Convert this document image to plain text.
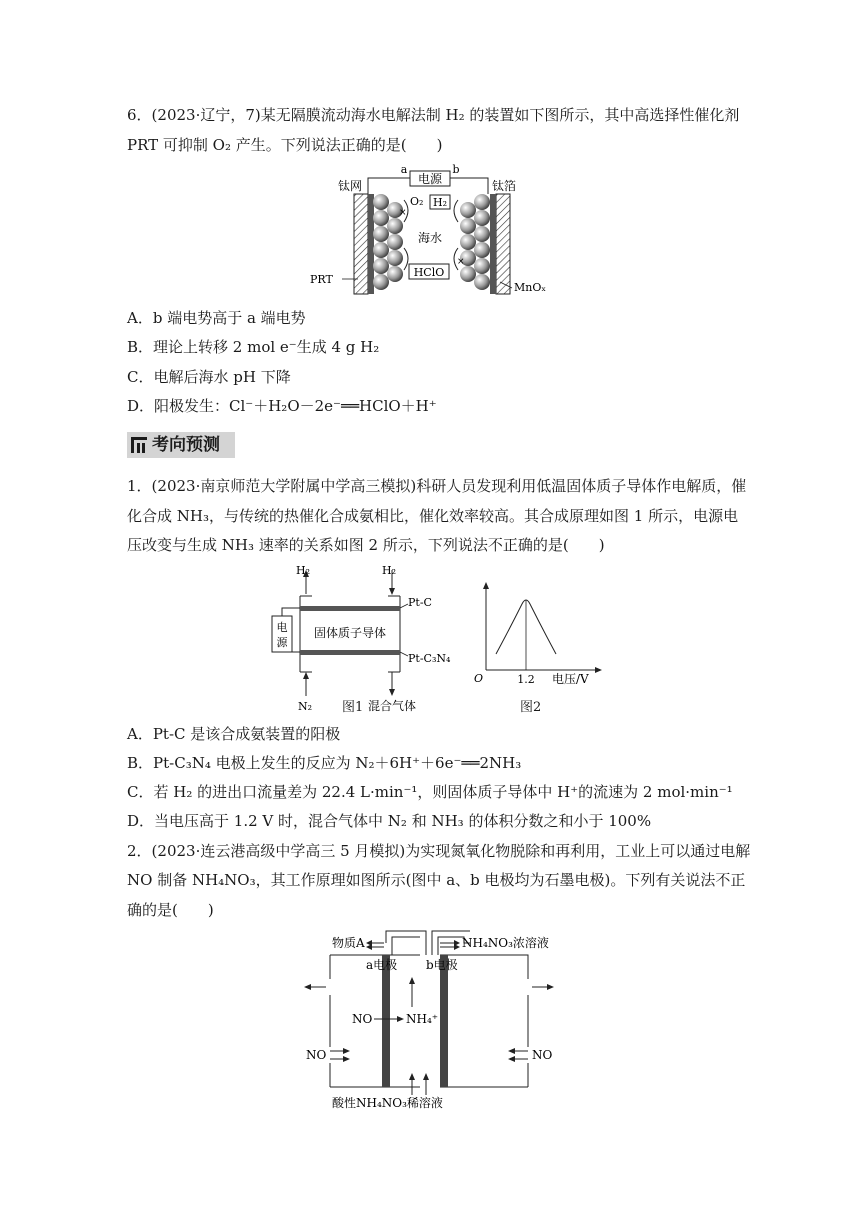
6．(2023·辽宁，7)某无隔膜流动海水电解法制 H₂ 的装置如下图所示，其中高选择性催化剂
PRT 可抑制 O₂ 产生。下列说法正确的是(　　)
电源
a	b
钛网	钛箔
×
×
O₂ H₂
海水
HClO
PRT
MnOₓ
A．b 端电势高于 a 端电势
B．理论上转移 2 mol e⁻生成 4 g H₂
C．电解后海水 pH 下降
D．阳极发生：Cl⁻＋H₂O－2e⁻══HClO＋H⁺
考向预测
1．(2023·南京师范大学附属中学高三模拟)科研人员发现利用低温固体质子导体作电解质，催
化合成 NH₃，与传统的热催化合成氨相比，催化效率较高。其合成原理如图 1 所示，电源电
压改变与生成 NH₃ 速率的关系如图 2 所示，下列说法不正确的是(　　)
H₂	H₂
固体质子导体
Pt-C
Pt-C₃N₄
电
源
N₂	混合气体
图1
O	1.2 电压/V
图2
A．Pt-C 是该合成氨装置的阳极
B．Pt-C₃N₄ 电极上发生的反应为 N₂＋6H⁺＋6e⁻══2NH₃
C．若 H₂ 的进出口流量差为 22.4 L·min⁻¹，则固体质子导体中 H⁺的流速为 2 mol·min⁻¹
D．当电压高于 1.2 V 时，混合气体中 N₂ 和 NH₃ 的体积分数之和小于 100%
2．(2023·连云港高级中学高三 5 月模拟)为实现氮氧化物脱除和再利用，工业上可以通过电解
NO 制备 NH₄NO₃，其工作原理如图所示(图中 a、b 电极均为石墨电极)。下列有关说法不正
确的是(　　)
物质A	NH₄NO₃浓溶液
a电极 b电极
NO	NH₄⁺
NO	NO
酸性NH₄NO₃稀溶液
